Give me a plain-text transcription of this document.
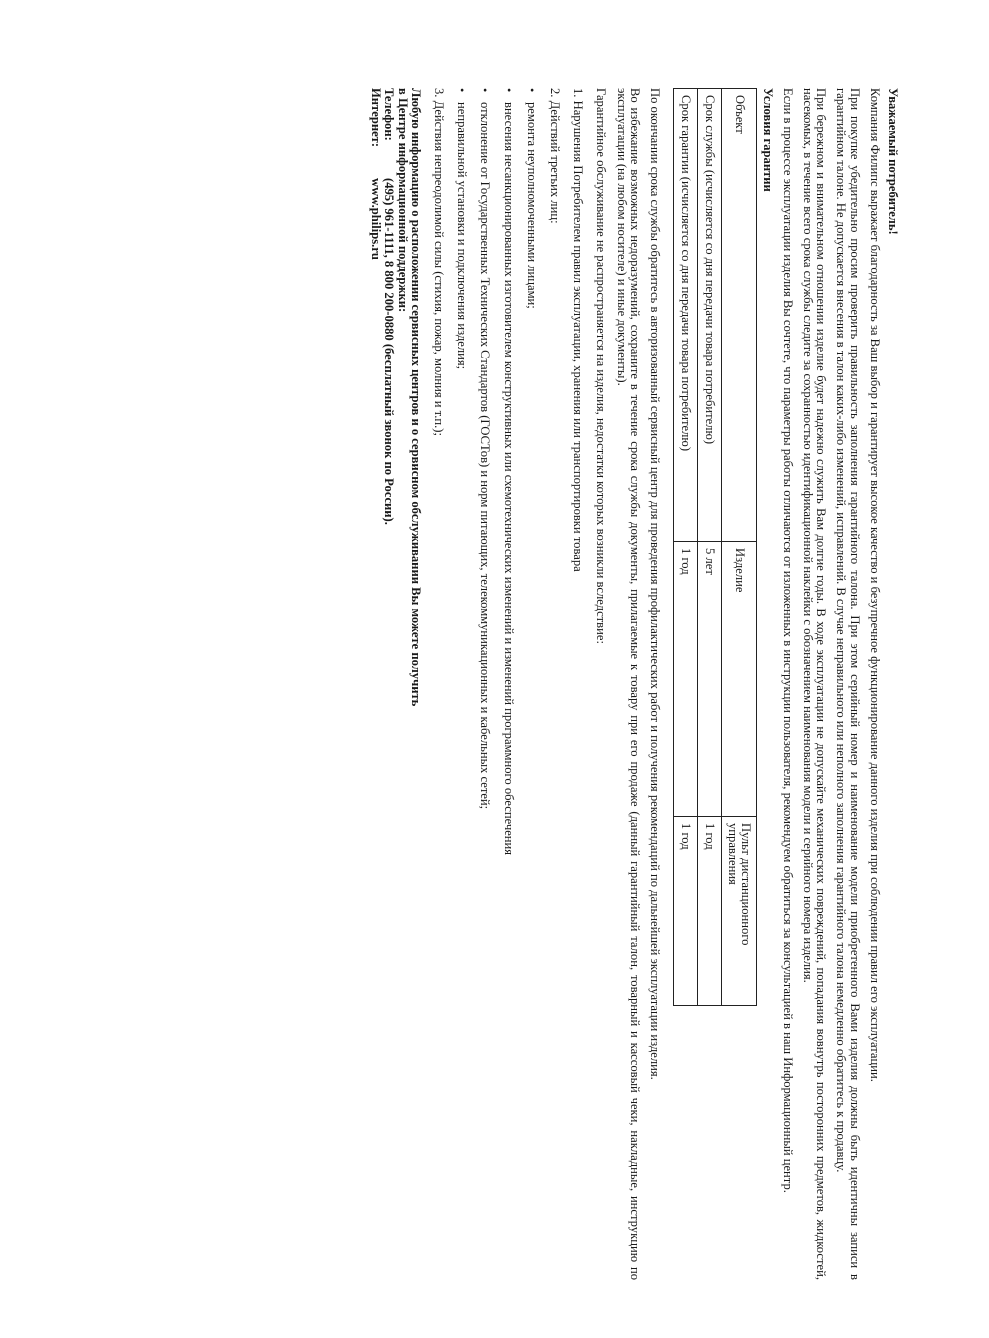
Уважаемый потребитель!

Компания Филипс выражает благодарность за Ваш выбор и гарантирует высокое качество и безупречное функционирование данного изделия при соблюдении правил его эксплуатации.

При покупке убедительно просим проверить правильность заполнения гарантийного талона. При этом серийный номер и наименование модели приобретенного Вами изделия должны быть идентичны записи в гарантийном талоне. Не допускается внесения в талон каких-либо изменений, исправлений. В случае неправильного или неполного заполнения гарантийного талона немедленно обратитесь к продавцу.

При бережном и внимательном отношении изделие будет надежно служить Вам долгие годы. В ходе эксплуатации не допускайте механических повреждений, попадания вовнутрь посторонних предметов, жидкостей, насекомых, в течение всего срока службы следите за сохранностью идентификационной наклейки с обозначением наименования модели и серийного номера изделия.

Если в процессе эксплуатации изделия Вы сочтете, что параметры работы отличаются от изложенных в инструкции пользователя, рекомендуем обратиться за консультацией в наш Информационный центр.

Условия гарантии
Объект	Изделие	Пульт дистанционного управления
Срок службы (исчисляется со дня передачи товара потребителю)	5 лет	1 год
Срок гарантии (исчисляется со дня передачи товара потребителю)	1 год	1 год

По окончании срока службы обратитесь в авторизованный сервисный центр для проведения профилактических работ и получения рекомендаций по дальнейшей эксплуатации изделия.

Во избежание возможных недоразумений, сохраните в течение срока службы документы, прилагаемые к товару при его продаже (данный гарантийный талон, товарный и кассовый чеки, накладные, инструкцию по эксплуатации (на любом носителе) и иные документы).

Гарантийное обслуживание не распространяется на изделия, недостатки которых возникли вследствие:

1. Нарушения Потребителем правил эксплуатации, хранения или транспортировки товара

2. Действий третьих лиц:

•
ремонта неуполномоченными лицами;
•
внесения несанкционированных изготовителем конструктивных или схемотехнических изменений и изменений программного обеспечения
•
отклонение от Государственных Технических Стандартов (ГОСТов) и норм питающих, телекоммуникационных и кабельных сетей;
•
неправильной установки и подключения изделия;

3. Действия непреодолимой силы (стихия, пожар, молния и т.п.);

Любую информацию о расположении сервисных центров и о сервисном обслуживании Вы можете получить
в Центре информационной поддержки:
Телефон:
(495) 961-1111, 8 800 200-0880 (бесплатный звонок по России).
Интернет:
www.philips.ru
